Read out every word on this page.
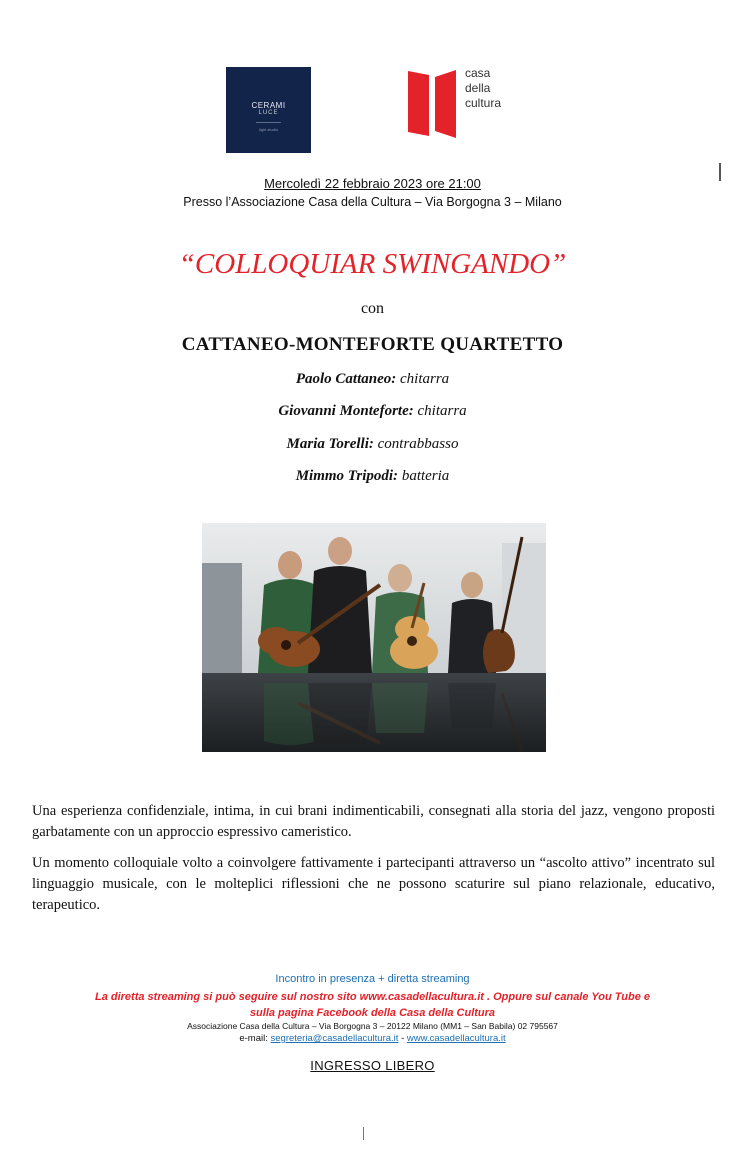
CERAMI
LUCE
light studio
casa
della
cultura
Mercoledì 22 febbraio 2023 ore 21:00
Presso l’Associazione Casa della Cultura – Via Borgogna 3 – Milano
“COLLOQUIAR SWINGANDO”
con
CATTANEO-MONTEFORTE QUARTETTO
Paolo Cattaneo: chitarra
Giovanni Monteforte: chitarra
Maria Torelli: contrabbasso
Mimmo Tripodi: batteria
Una esperienza confidenziale, intima, in cui brani indimenticabili, consegnati alla storia del jazz, vengono proposti garbatamente con un approccio espressivo cameristico.
Un momento colloquiale volto a coinvolgere fattivamente i partecipanti attraverso un “ascolto attivo” incentrato sul linguaggio musicale, con le molteplici riflessioni che ne possono scaturire sul piano relazionale, educativo, terapeutico.
Incontro in presenza + diretta streaming
La diretta streaming si può seguire sul nostro sito www.casadellacultura.it . Oppure sul canale You Tube e
sulla pagina Facebook della Casa della Cultura
Associazione Casa della Cultura – Via Borgogna 3 – 20122 Milano (MM1 – San Babila) 02 795567
e-mail: segreteria@casadellacultura.it - www.casadellacultura.it
INGRESSO LIBERO
